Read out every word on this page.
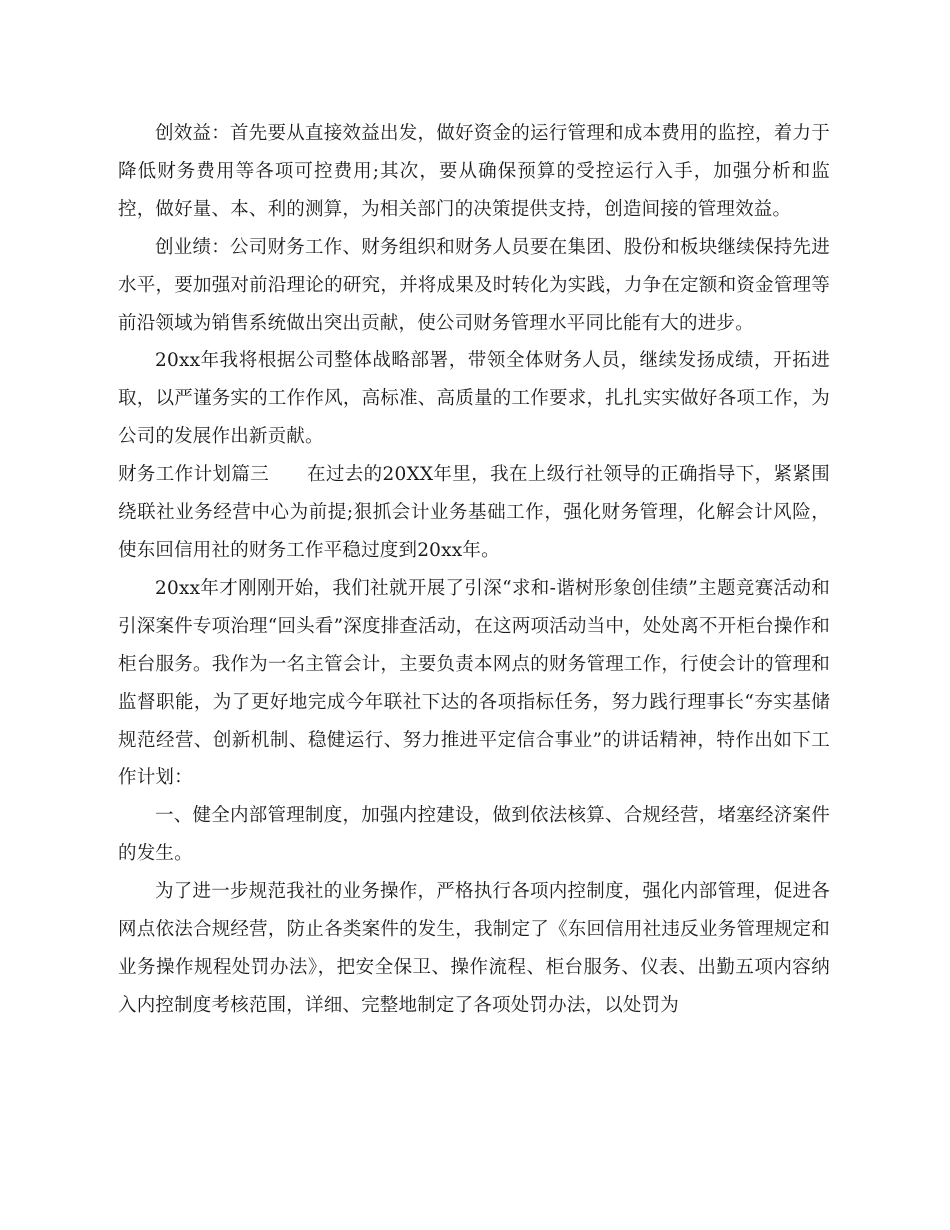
创效益：首先要从直接效益出发，做好资金的运行管理和成本费用的监控，着力于降低财务费用等各项可控费用;其次，要从确保预算的受控运行入手，加强分析和监控，做好量、本、利的测算，为相关部门的决策提供支持，创造间接的管理效益。

创业绩：公司财务工作、财务组织和财务人员要在集团、股份和板块继续保持先进水平，要加强对前沿理论的研究，并将成果及时转化为实践，力争在定额和资金管理等前沿领域为销售系统做出突出贡献，使公司财务管理水平同比能有大的进步。

20xx年我将根据公司整体战略部署，带领全体财务人员，继续发扬成绩，开拓进取，以严谨务实的工作作风，高标准、高质量的工作要求，扎扎实实做好各项工作，为公司的发展作出新贡献。

财务工作计划篇三　　在过去的20XX年里，我在上级行社领导的正确指导下，紧紧围绕联社业务经营中心为前提;狠抓会计业务基础工作，强化财务管理，化解会计风险，使东回信用社的财务工作平稳过度到20xx年。

20xx年才刚刚开始，我们社就开展了引深“求和-谐树形象创佳绩”主题竞赛活动和引深案件专项治理“回头看”深度排查活动，在这两项活动当中，处处离不开柜台操作和柜台服务。我作为一名主管会计，主要负责本网点的财务管理工作，行使会计的管理和监督职能，为了更好地完成今年联社下达的各项指标任务，努力践行理事长“夯实基储规范经营、创新机制、稳健运行、努力推进平定信合事业”的讲话精神，特作出如下工作计划：

一、健全内部管理制度，加强内控建设，做到依法核算、合规经营，堵塞经济案件的发生。

为了进一步规范我社的业务操作，严格执行各项内控制度，强化内部管理，促进各网点依法合规经营，防止各类案件的发生，我制定了《东回信用社违反业务管理规定和业务操作规程处罚办法》，把安全保卫、操作流程、柜台服务、仪表、出勤五项内容纳入内控制度考核范围，详细、完整地制定了各项处罚办法，以处罚为
